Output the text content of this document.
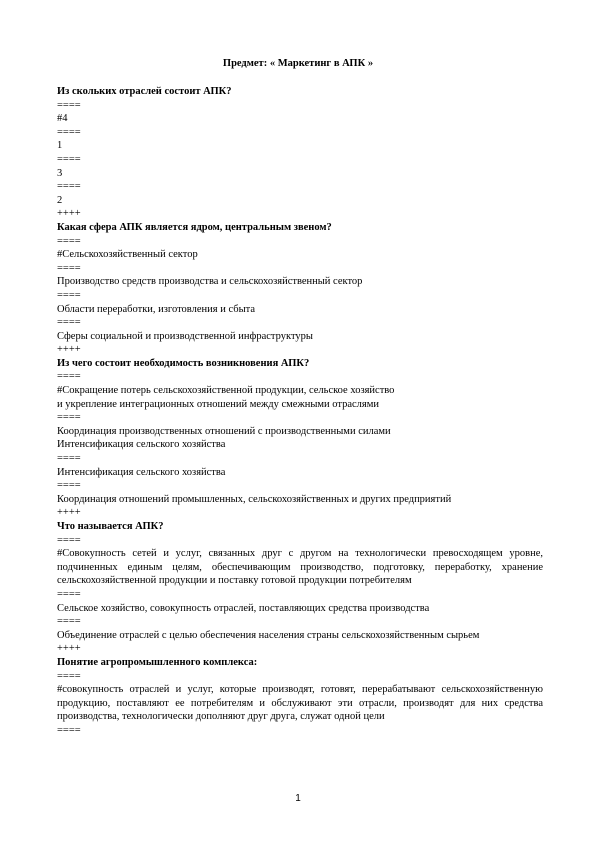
Предмет: « Маркетинг в АПК »
Из скольких отраслей состоит АПК?
====
#4
====
1
====
3
====
2
++++
Какая сфера АПК является ядром, центральным звеном?
====
#Сельскохозяйственный сектор
====
Производство средств производства и сельскохозяйственный сектор
====
Области переработки, изготовления и сбыта
====
Сферы социальной и производственной инфраструктуры
++++
Из чего состоит необходимость возникновения АПК?
====
#Сокращение потерь сельскохозяйственной продукции, сельское хозяйство
и укрепление интеграционных отношений между смежными отраслями
====
Координация производственных отношений с производственными силами
Интенсификация сельского хозяйства
====
Интенсификация сельского хозяйства
====
Координация отношений промышленных, сельскохозяйственных и других предприятий
++++
Что называется АПК?
====
#Совокупность сетей и услуг, связанных друг с другом на технологически превосходящем уровне, подчиненных единым целям, обеспечивающим производство, подготовку, переработку, хранение сельскохозяйственной продукции и поставку готовой продукции потребителям
====
Сельское хозяйство, совокупность отраслей, поставляющих средства производства
====
Объединение отраслей с целью обеспечения населения страны сельскохозяйственным сырьем
++++
Понятие агропромышленного комплекса:
====
#совокупность отраслей и услуг, которые производят, готовят, перерабатывают сельскохозяйственную продукцию, поставляют ее потребителям и обслуживают эти отрасли, производят для них средства производства, технологически дополняют друг друга, служат одной цели
====
1
